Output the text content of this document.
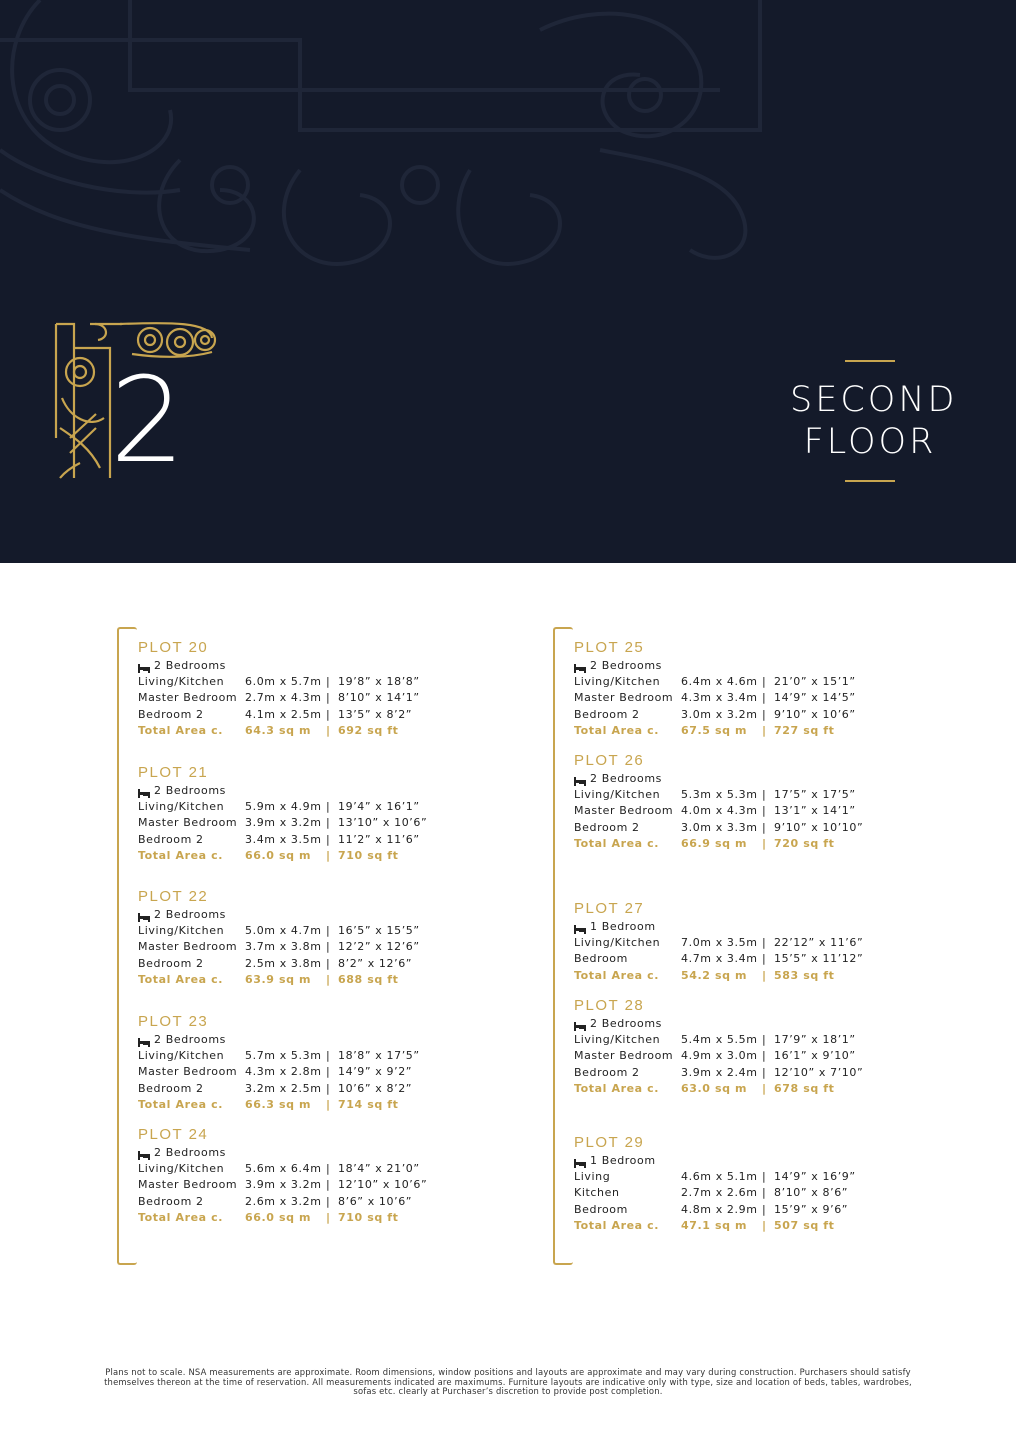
2	SECOND
FLOOR
PLOT 20
2 Bedrooms
Living/Kitchen	6.0m x 5.7m | 19’8” x 18’8”
Master Bedroom 2.7m x 4.3m | 8’10” x 14’1”
Bedroom 2	4.1m x 2.5m | 13’5” x 8’2”
Total Area c.	64.3 sq m	| 692 sq ft
PLOT 21
2 Bedrooms
Living/Kitchen	5.9m x 4.9m | 19’4” x 16’1”
Master Bedroom 3.9m x 3.2m | 13’10” x 10’6”
Bedroom 2	3.4m x 3.5m | 11’2” x 11’6”
Total Area c.	66.0 sq m	| 710 sq ft
PLOT 22
2 Bedrooms
Living/Kitchen	5.0m x 4.7m | 16’5” x 15’5”
Master Bedroom 3.7m x 3.8m | 12’2” x 12’6”
Bedroom 2	2.5m x 3.8m | 8’2” x 12’6”
Total Area c.	63.9 sq m	| 688 sq ft
PLOT 23
2 Bedrooms
Living/Kitchen	5.7m x 5.3m | 18’8” x 17’5”
Master Bedroom 4.3m x 2.8m | 14’9” x 9’2”
Bedroom 2	3.2m x 2.5m | 10’6” x 8’2”
Total Area c.	66.3 sq m	| 714 sq ft
PLOT 24
2 Bedrooms
Living/Kitchen	5.6m x 6.4m | 18’4” x 21’0”
Master Bedroom 3.9m x 3.2m | 12’10” x 10’6”
Bedroom 2	2.6m x 3.2m | 8’6” x 10’6”
Total Area c.	66.0 sq m	| 710 sq ft
PLOT 25
2 Bedrooms
Living/Kitchen	6.4m x 4.6m | 21’0” x 15’1”
Master Bedroom 4.3m x 3.4m | 14’9” x 14’5”
Bedroom 2	3.0m x 3.2m | 9’10” x 10’6”
Total Area c.	67.5 sq m	| 727 sq ft
PLOT 26
2 Bedrooms
Living/Kitchen	5.3m x 5.3m | 17’5” x 17’5”
Master Bedroom 4.0m x 4.3m | 13’1” x 14’1”
Bedroom 2	3.0m x 3.3m | 9’10” x 10’10”
Total Area c.	66.9 sq m	| 720 sq ft
PLOT 27
1 Bedroom
Living/Kitchen	7.0m x 3.5m | 22’12” x 11’6”
Bedroom	4.7m x 3.4m | 15’5” x 11’12”
Total Area c.	54.2 sq m	| 583 sq ft
PLOT 28
2 Bedrooms
Living/Kitchen	5.4m x 5.5m | 17’9” x 18’1”
Master Bedroom 4.9m x 3.0m | 16’1” x 9’10”
Bedroom 2	3.9m x 2.4m | 12’10” x 7’10”
Total Area c.	63.0 sq m	| 678 sq ft
PLOT 29
1 Bedroom
Living	4.6m x 5.1m | 14’9” x 16’9”
Kitchen	2.7m x 2.6m | 8’10” x 8’6”
Bedroom	4.8m x 2.9m | 15’9” x 9’6”
Total Area c.	47.1 sq m	| 507 sq ft
Plans not to scale. NSA measurements are approximate. Room dimensions, window positions and layouts are approximate and may vary during construction. Purchasers should satisfy themselves thereon at the time of reservation. All measurements indicated are maximums. Furniture layouts are indicative only with type, size and location of beds, tables, wardrobes, sofas etc. clearly at Purchaser’s discretion to provide post completion.
